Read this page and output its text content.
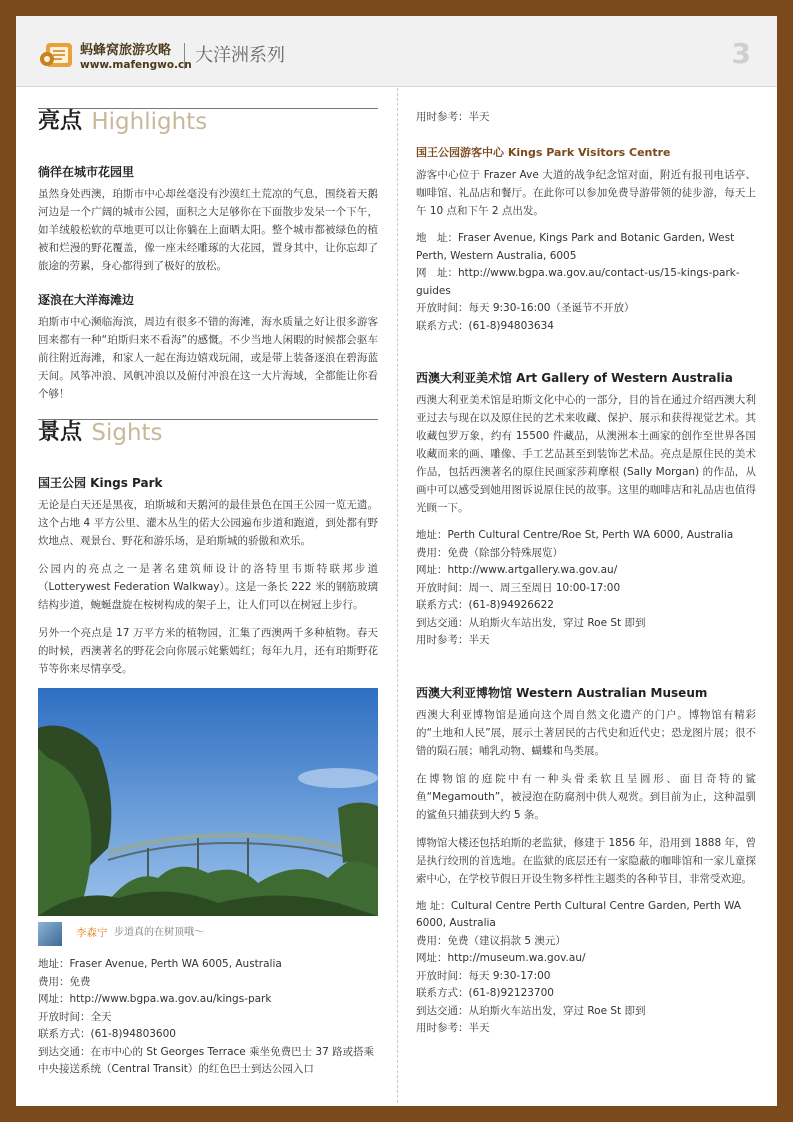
蚂蜂窝旅游攻略
www.mafengwo.cn 大洋洲系列	3
亮点 Highlights
徜徉在城市花园里

虽然身处西澳，珀斯市中心却丝毫没有沙漠红土荒凉的气息，围绕着天鹅河边是一个广阔的城市公园，面积之大足够你在下面散步发呆一个下午，如羊绒般松软的草地更可以让你躺在上面晒太阳。整个城市都被绿色的植被和烂漫的野花覆盖，像一座未经雕琢的大花园，置身其中，让你忘却了旅途的劳累，身心都得到了极好的放松。

逐浪在大洋海滩边

珀斯市中心濒临海滨，周边有很多不错的海滩，海水质量之好让很多游客回来都有一种“珀斯归来不看海”的感慨。不少当地人闲暇的时候都会驱车前往附近海滩，和家人一起在海边嬉戏玩闹，或是带上装备逐浪在碧海蓝天间。风筝冲浪、风帆冲浪以及俯付冲浪在这一大片海域，全都能让你看个够！

景点 Sights
国王公园 Kings Park

无论是白天还是黑夜，珀斯城和天鹅河的最佳景色在国王公园一览无遗。这个占地 4 平方公里、灌木丛生的偌大公园遍布步道和跑道，到处都有野炊地点、观景台、野花和游乐场，是珀斯城的骄傲和欢乐。

公园内的亮点之一是著名建筑师设计的洛特里韦斯特联邦步道（Lotterywest Federation Walkway）。这是一条长 222 米的钢筋玻璃结构步道，蜿蜒盘旋在桉树构成的架子上，让人们可以在树冠上步行。

另外一个亮点是 17 万平方米的植物园，汇集了西澳两千多种植物。春天的时候，西澳著名的野花会向你展示姹紫嫣红；每年九月，还有珀斯野花节等你来尽情享受。

李森宁 步道真的在树顶哦～
地址：Fraser Avenue, Perth WA 6005, Australia
费用：免费
网址：http://www.bgpa.wa.gov.au/kings-park
开放时间：全天
联系方式：(61-8)94803600
到达交通：在市中心的 St Georges Terrace 乘坐免费巴士 37 路或搭乘中央接送系统（Central Transit）的红色巴士到达公园入口
用时参考：半天
国王公园游客中心 Kings Park Visitors Centre

游客中心位于 Frazer Ave 大道的战争纪念馆对面，附近有报刊电话亭、咖啡馆、礼品店和餐厅。在此你可以参加免费导游带领的徒步游，每天上午 10 点和下午 2 点出发。

地　址：Fraser Avenue, Kings Park and Botanic Garden, West Perth, Western Australia, 6005
网　址：http://www.bgpa.wa.gov.au/contact-us/15-kings-park-guides
开放时间：每天 9:30-16:00（圣诞节不开放）
联系方式：(61-8)94803634
西澳大利亚美术馆 Art Gallery of Western Australia

西澳大利亚美术馆是珀斯文化中心的一部分，目的旨在通过介绍西澳大利亚过去与现在以及原住民的艺术来收藏、保护、展示和获得视觉艺术。其收藏包罗万象，约有 15500 件藏品，从澳洲本土画家的创作至世界各国收藏而来的画、雕像、手工艺品甚至到装饰艺术品。亮点是原住民的美术作品，包括西澳著名的原住民画家莎莉摩根 (Sally Morgan) 的作品，从画中可以感受到她用图诉说原住民的故事。这里的咖啡店和礼品店也值得光顾一下。

地址：Perth Cultural Centre/Roe St, Perth WA 6000, Australia
费用：免费（除部分特殊展览）
网址：http://www.artgallery.wa.gov.au/
开放时间：周一、周三至周日 10:00-17:00
联系方式：(61-8)94926622
到达交通：从珀斯火车站出发，穿过 Roe St 即到
用时参考：半天
西澳大利亚博物馆 Western Australian Museum

西澳大利亚博物馆是通向这个周自然文化遗产的门户。博物馆有精彩的“土地和人民”展，展示土著居民的古代史和近代史；恐龙图片展；很不错的陨石展；哺乳动物、蝴蝶和鸟类展。

在博物馆的庭院中有一种头骨柔软且呈圆形、面目奇特的鲨鱼“Megamouth”，被浸泡在防腐剂中供人观赏。到目前为止，这种温驯的鲨鱼只捕获到大约 5 条。

博物馆大楼还包括珀斯的老监狱，修建于 1856 年，沿用到 1888 年，曾是执行绞刑的首选地。在监狱的底层还有一家隐蔽的咖啡馆和一家儿童探索中心，在学校节假日开设生物多样性主题类的各种节目，非常受欢迎。

地 址：Cultural Centre Perth Cultural Centre Garden, Perth WA 6000, Australia
费用：免费（建议捐款 5 澳元）
网址：http://museum.wa.gov.au/
开放时间：每天 9:30-17:00
联系方式：(61-8)92123700
到达交通：从珀斯火车站出发，穿过 Roe St 即到
用时参考：半天
